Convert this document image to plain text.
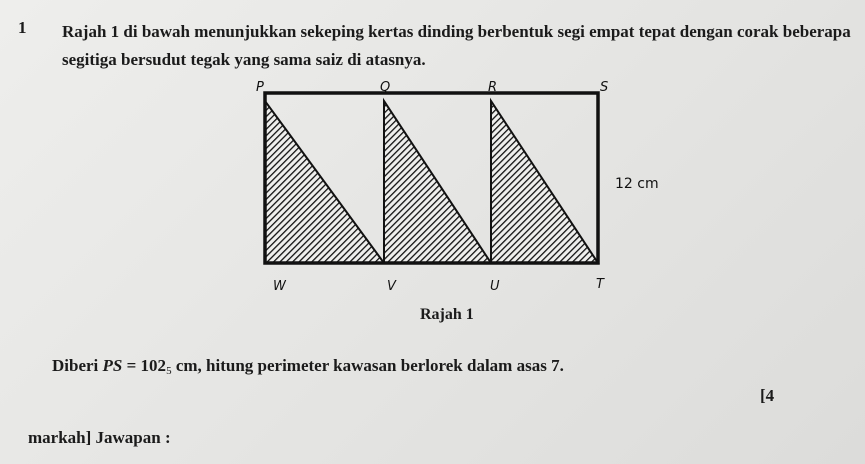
1 Rajah 1 di bawah menunjukkan sekeping kertas dinding berbentuk segi empat tepat dengan corak beberapa segitiga bersudut tegak yang sama saiz di atasnya.
P	Q	R	S
W	V	U	T
12 cm
Rajah 1
Diberi PS = $102_5$ cm, hitung perimeter kawasan berlorek dalam asas 7.
[4
markah] Jawapan :
